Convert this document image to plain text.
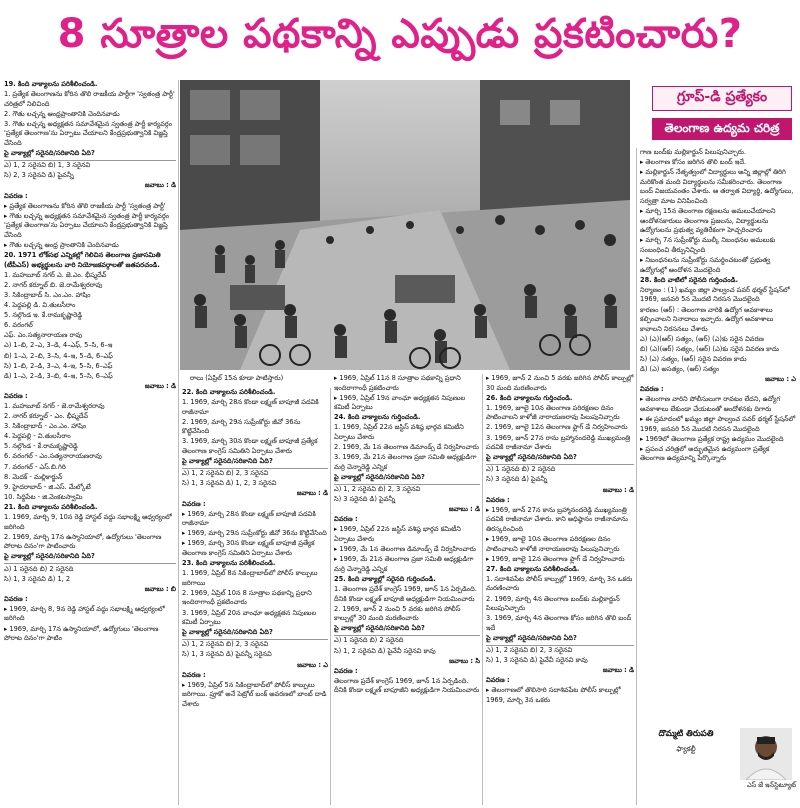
8 సూత్రాల పథకాన్ని ఎప్పుడు ప్రకటించారు?

19. కింది వాక్యాలను పరిశీలించండి.

1. ప్రత్యేక తెలంగాణను కోరిన తొలి రాజకీయ పార్టీగా 'స్వతంత్ర పార్టీ' చరిత్రలో నిలిచింది

2. గౌతు లచ్చన్న ఆంధ్రప్రాంతానికి చెందినవాడు

3. గౌతు లచ్చన్న అధ్యక్షతన సమావేశమైన స్వతంత్ర పార్టీ కార్యవర్గం 'ప్రత్యేక తెలంగాణ'ను ఏర్పాటు చేయాలని కేంద్రప్రభుత్వానికి విజ్ఞప్తి చేసింది

పై వాక్యాల్లో సరైనది/సరికానిది ఏది?

ఎ) 1, 2 సరైనవి బి) 1, 3 సరైనవి

సి) 2, 3 సరైనవి డి) పైవన్నీ

జవాబు : డి

వివరణ :

▸ ప్రత్యేక తెలంగాణను కోరిన తొలి రాజకీయ పార్టీ 'స్వతంత్ర పార్టీ'

▸ గౌతు లచ్చన్న అధ్యక్షతన సమావేశమైన స్వతంత్ర పార్టీ కార్యవర్గం 'ప్రత్యేక తెలంగాణ'ను ఏర్పాటు చేయాలని కేంద్రప్రభుత్వానికి విజ్ఞప్తి చేసింది

▸ గౌతు లచ్చన్న ఆంధ్ర ప్రాంతానికి చెందినవాడు

20. 1971 లోక్‌సభ ఎన్నికల్లో గెలిచిన తెలంగాణ ప్రజాసమితి (టీపీఎస్) అభ్యర్థులను వారి నియోజకవర్గాలతో జతపరచండి.

1. మహబూబ్ నగర్ ఎ. జె.ఎం. భీష్మదేవ్

2. నాగర్ కర్నూల్ బి. జె.రామేశ్వరరావు

3. సికింద్రాబాద్ సి. ఎం.ఎం. హాషిం

4. పెద్దపల్లి డి. వి.తులసీరాం

5. నల్గొండ ఇ. కే.రామకృష్ణారెడ్డి

6. వరంగల్

ఎఫ్. ఎం.సత్యనారాయణ రావు

ఎ) 1–బి, 2–ఎ, 3–డి, 4–ఎఫ్, 5–సి, 6–ఇ

బి) 1–ఎ, 2–బి, 3–సి, 4–ఇ, 5–డి, 6–ఎఫ్

సి) 1–బి, 2–డి, 3–ఎ, 4–ఇ, 5–సి, 6–ఎఫ్

డి) 1–ఎ, 2–డి, 3–బి, 4–ఇ, 5–సి, 6–ఎఫ్

జవాబు : డి

వివరణ :

1. మహబూబ్ నగర్ - జె.రామేశ్వరరావు

2. నాగర్ కర్నూల్ - ఎం. భీష్మదేవ్

3. సికింద్రాబాద్ - ఎం.ఎం. హాషిం

4. పెద్దపల్లి - వి.తులసీరాం

5. నల్గొండ - కే.రామకృష్ణారెడ్డి

6. వరంగల్ - ఎం.సత్యనారాయణరావు

7. వరంగల్ - ఎస్.బి.గిరి

8. మెదక్ - మల్లికార్జున్

9. హైదరాబాద్ - జి.ఎస్. మేల్కోటే

10. సిద్దిపేట - జి.వెంకటస్వామి

21. కింది వాక్యాలను పరిశీలించండి.

1. 1969, మార్చి 9, 10న రెడ్డి హాస్టల్ వద్దు సభాలక్ష్మి ఆధ్వర్యంలో జరిగింది

2. 1969, మార్చి 17న ఉస్మానియాలో, ఉద్యోగులు 'తెలంగాణ పోరాట దినం'గా పాటించారు

పై వాక్యాల్లో సరైనది/సరికానిది ఏది?

ఎ) 1 సరైనది బి) 2 సరైనది

సి) 1, 3 సరైనవి డి) 1, 2

జవాబు : బి

వివరణ :

▸ 1969, మార్చి 8, 9న రెడ్డి హాస్టల్ వద్దు సభాలక్ష్మి ఆధ్వర్యంలో జరిగింది

▸ 1969, మార్చి 17న ఉస్మానియాలో, ఉద్యోగులు 'తెలంగాణ పోరాట దినం'గా పాటిం

రాలు (ఏప్రిల్ 15న కూడా పాటిస్తారు)
గ్రూప్-డి ప్రత్యేకం
తెలంగాణ ఉద్యమ చరిత్ర

22. కింది వాక్యాలను పరిశీలించండి.

1. 1969, మార్చి 28న కొండా లక్ష్మణ్ బాపూజీ పదవికి రాజీనామా

2. 1969, మార్చి 29న సుప్రీంకోర్టు జీవో 36ను కొట్టివేసింది

3. 1969, మార్చి 30న కొండా లక్ష్మణ్ బాపూజీ ప్రత్యేక తెలంగాణ కాంగ్రెస్ సమితిని ఏర్పాటు చేశారు

పై వాక్యాల్లో సరైనది/సరికానిది ఏది?

ఎ) 1, 2 సరైనవి బి) 2, 3 సరైనవి

సి) 1, 3 సరైనవి డి) 1, 2, 3 సరైనవి

జవాబు : డి

వివరణ :

▸ 1969, మార్చి 28న కొండా లక్ష్మణ్ బాపూజీ పదవికి రాజీనామా

▸ 1969, మార్చి 29న సుప్రీంకోర్టు జీవో 36ను కొట్టివేసింది

▸ 1969, మార్చి 30న కొండా లక్ష్మణ్ బాపూజీ ప్రత్యేక తెలంగాణ కాంగ్రెస్ సమితిని ఏర్పాటు చేశారు

23. కింది వాక్యాలను పరిశీలించండి.

1. 1969, ఏప్రిల్ 8న సికింద్రాబాద్‌లో పోలీస్ కాల్పులు జరిగాయి

2. 1969, ఏప్రిల్ 10న 8 సూత్రాల పథకాన్ని ప్రధాని ఇందిరాగాంధీ ప్రకటించారు

3. 1969, ఏప్రిల్ 20న వాంఛూ అధ్యక్షతన నిపుణుల కమిటీ ఏర్పాటు

పై వాక్యాల్లో సరైనది/సరికానిది ఏది?

ఎ) 1, 2 సరైనవి బి) 2, 3 సరైనవి

సి) 1, 3 సరైనవి డి) పైవన్నీ సరైనవి

జవాబు : ఎ

వివరణ :

▸ 1969, ఏప్రిల్ 5న సికింద్రాబాద్‌లో పోలీస్ కాల్పులు జరిగాయి. ప్రూకో అనే పెట్రోల్ బంక్ అవరణలో బాంబ్ దాడి చేశారు

▸ 1969, ఏప్రిల్ 11న 8 సూత్రాల పథకాన్ని ప్రధాని ఇందిరాగాంధీ ప్రకటించారు

▸ 1969, ఏప్రిల్ 19న వాంఛూ అధ్యక్షతన నిపుణుల కమిటీ ఏర్పాటు

24. కింది వాక్యాలను గుర్తించండి.

1. 1969, ఏప్రిల్ 22న జస్టిస్ వశిష్ఠ భార్గవ కమిటీని ఏర్పాటు చేశారు

2. 1969, మే 1న తెలంగాణ డిమాండ్స్ డే నిర్వహించారు

3. 1969, మే 21న తెలంగాణ ప్రజా సమితి అధ్యక్షుడిగా మర్రి చెన్నారెడ్డి ఎన్నిక

పై వాక్యాల్లో సరైనది/సరికానిది ఏది?

ఎ) 1, 2 సరైనవి బి) 2, 3 సరైనవి

సి) 3 సరైనది డి) పైవన్నీ

జవాబు : డి

వివరణ :

▸ 1969, ఏప్రిల్ 22న జస్టిస్ వశిష్ఠ భార్గవ కమిటీని ఏర్పాటు చేశారు

▸ 1969, మే 1న తెలంగాణ డిమాండ్స్ డే నిర్వహించారు

▸ 1969, మే 21న తెలంగాణ ప్రజా సమితి అధ్యక్షుడిగా మర్రి చెన్నారెడ్డి ఎన్నిక

25. కింది వాక్యాల్లో సరైనది గుర్తించండి.

1. తెలంగాణ ప్రదేశ్ కాంగ్రెస్ 1969, జూన్ 1న ఏర్పడింది. దీనికి కొండా లక్ష్మణ్ బాపూజీ అధ్యక్షుడిగా నియమించారు

2. 1969, జూన్ 2 నుంచి 5 వరకు జరిగిన పోలీస్ కాల్పుల్లో 30 మంది మరణించారు

పై వాక్యాల్లో సరైనది/సరికానిది ఏది?

ఎ) 1 సరైనది బి) 2 సరైనది

సి) 1, 2 సరైనవి డి) పైవేవీ సరైనవి కావు

జవాబు : సి

వివరణ :

తెలంగాణ ప్రదేశ్ కాంగ్రెస్ 1969, జూన్ 1న ఏర్పడింది. దీనికి కొండా లక్ష్మణ్ బాపూజీని అధ్యక్షుడిగా నియమించారు

▸ 1969, జూన్ 2 నుంచి 5 వరకు జరిగిన పోలీస్ కాల్పుల్లో 30 మంది మరణించారు

26. కింది వాక్యాలను గుర్తించండి.

1. 1969, జూలై 10న తెలంగాణ పరిరక్షణల దినం పాటించాలని కాళోజీ నారాయణరావు పిలుపునిచ్చారు

2. 1969, జూలై 12న తెలంగాణ ఫ్లాగ్ డే నిర్వహించారు

3. 1969, జూన్ 27న రాను బ్రహ్మానందరెడ్డి ముఖ్యమంత్రి పదవికి రాజీనామా చేశారు

పై వాక్యాల్లో సరైనది/సరికానిది ఏది?

ఎ) 1 సరైనది బి) 2 సరైనది

సి) 3 సరైనది డి) పైవన్నీ

జవాబు : డి

వివరణ :

▸ 1969, జూన్ 27న కాను బ్రహ్మానందరెడ్డి ముఖ్యమంత్రి పదవికి రాజీనామా చేశారు. కాని అధిష్ఠానం రాజీనామాను తిరస్కరించింది

▸ 1969, జూలై 10న తెలంగాణ పరిరక్షణల దినం పాటించాలని కాళోజీ నారాయణరావు పిలుపునిచ్చారు

▸ 1969, జూలై 12న తెలంగాణ ఫ్లాగ్ డే నిర్వహించారు

27. కింది వాక్యాలను పరిశీలించండి.

1. సదాశివపేట పోలీస్ కాల్పుల్లో 1969, మార్చి 3న ఒకరు మరణించారు

2. 1969, మార్చి 4న తెలంగాణ బంద్‌కు మల్లికార్జున్ పిలుపునిచ్చారు

3. 1969, మార్చి 4న తెలంగాణ కోసం జరిగిన తొలి బంద్ ఇదే

పై వాక్యాల్లో సరైనది/సరికానిది ఏది?

ఎ) 1, 2 సరైనవి బి) 2, 3 సరైనవి

సి) 1, 3 సరైనవి డి) పైవేవీ సరైనవి కావు

జవాబు : డి

వివరణ :

▸ తెలంగాణలో తొలిసారి సదాశివపేట పోలీస్ కాల్పుల్లో 1969, మార్చి 3న ఒకరు

గాణ బంద్‌కు మల్లికార్జున్ పిలుపునిచ్చారు.

▸ తెలంగాణ కోసం జరిగిన తొలి బంద్ ఇదే.

▸ మల్లికార్జున్ నేతృత్వంలో విద్యార్థులు అన్ని జిల్లాల్లో తిరిగి మరికొంత మంది విద్యార్థులను సమీకరించారు. తెలంగాణ బంద్ విజయవంతం చేశారు. ఆ తర్వాత విద్యార్థి, ఉద్యోగులు, సర్వత్రా మాట వినిపించింది

▸ మార్చి 15న తెలంగాణ రక్షణలను అమలుచేయాలని ఆందోళనకారులు తెలంగాణ ప్రజలను, విద్యార్థులను ఉద్యోగులను ప్రభుత్వ వ్యతిరేకంగా హెచ్చరించారు

▸ మార్చి 7న సుప్రీంకోర్టు ముల్కీ నిబంధనల అమలుకు సంబంధించి తీర్పునిచ్చింది

▸ నిబంధనలను సుప్రీంకోర్టు సమర్థించటంతో ప్రభుత్వ ఉద్యోగుల్లో ఆందోళన మొదలైంది

28. కింది వాటిలో సరైనది గుర్తించండి.

నిర్మాణం : (1) ఖమ్మం జిల్లా పాల్వంచ పవర్ థర్మల్ స్టేషన్‌లో 1969, జనవరి 5న మొదటి నిరసన మొదలైంది

కారణం (ఆర్) : తెలంగాణ వారికి ఉద్యోగ అవకాశాలు కల్పించాలని నినాదాలు ఇచ్చారు. ఉద్యోగ అవకాశాలు కావాలని నిరసనలు చేశారు

ఎ) (ఎ)(ఆర్) సత్యం, (ఆర్) (ఎ)కు సరైన వివరణ

బి) (ఎ)(ఆర్) సత్యం, (ఆర్) (ఎ)కు సరైన వివరణ కాదు

సి) (ఎ) సత్యం, (ఆర్) సరైన వివరణ కాదు

డి) (ఎ) అసత్యం, (ఆర్) సత్యం

జవాబు : ఎ

వివరణ :

▸ తెలంగాణ వారిని పోలీసులుగా రావటం లేదని, ఉద్యోగ అవకాశాలు లేకుండా చేయటంతో ఆందోళనకు దిగారు

▸ ఈ ప్రమాదంలో ఖమ్మం జిల్లా పాల్వంచ పవర్ థర్మల్ స్టేషన్‌లో 1969, జనవరి 5న మొదటి నిరసన మొదలైంది

▸ 1969లో తెలంగాణ ప్రత్యేక రాష్ట్ర ఉద్యమం మొదలైంది

▸ ప్రపంచ చరిత్రలో అద్భుతమైన ఉద్యమంగా ప్రత్యేక తెలంగాణ ఉద్యమాన్ని పేర్కొన్నారు

దొమ్మటి తిరుపతి
ఫ్యాకల్టీ
ఎస్ జే ఇన్‌స్టిట్యూట్
